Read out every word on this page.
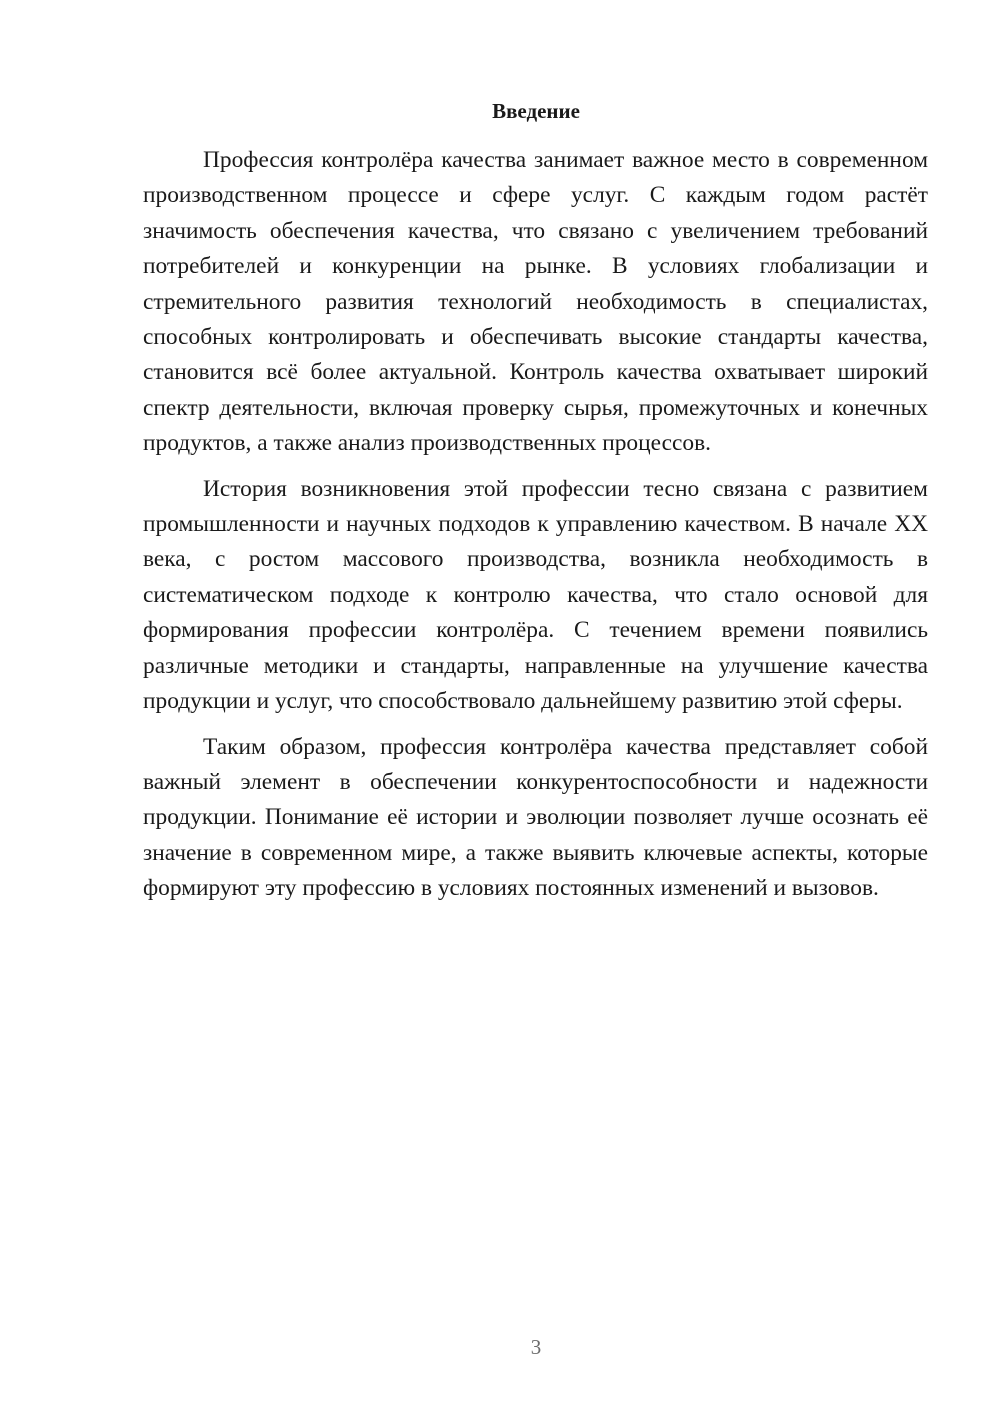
Введение

Профессия контролёра качества занимает важное место в современном производственном процессе и сфере услуг. С каждым годом растёт значимость обеспечения качества, что связано с увеличением требований потребителей и конкуренции на рынке. В условиях глобализации и стремительного развития технологий необходимость в специалистах, способных контролировать и обеспечивать высокие стандарты качества, становится всё более актуальной. Контроль качества охватывает широкий спектр деятельности, включая проверку сырья, промежуточных и конечных продуктов, а также анализ производственных процессов.

История возникновения этой профессии тесно связана с развитием промышленности и научных подходов к управлению качеством. В начале XX века, с ростом массового производства, возникла необходимость в систематическом подходе к контролю качества, что стало основой для формирования профессии контролёра. С течением времени появились различные методики и стандарты, направленные на улучшение качества продукции и услуг, что способствовало дальнейшему развитию этой сферы.

Таким образом, профессия контролёра качества представляет собой важный элемент в обеспечении конкурентоспособности и надежности продукции. Понимание её истории и эволюции позволяет лучше осознать её значение в современном мире, а также выявить ключевые аспекты, которые формируют эту профессию в условиях постоянных изменений и вызовов.

3
